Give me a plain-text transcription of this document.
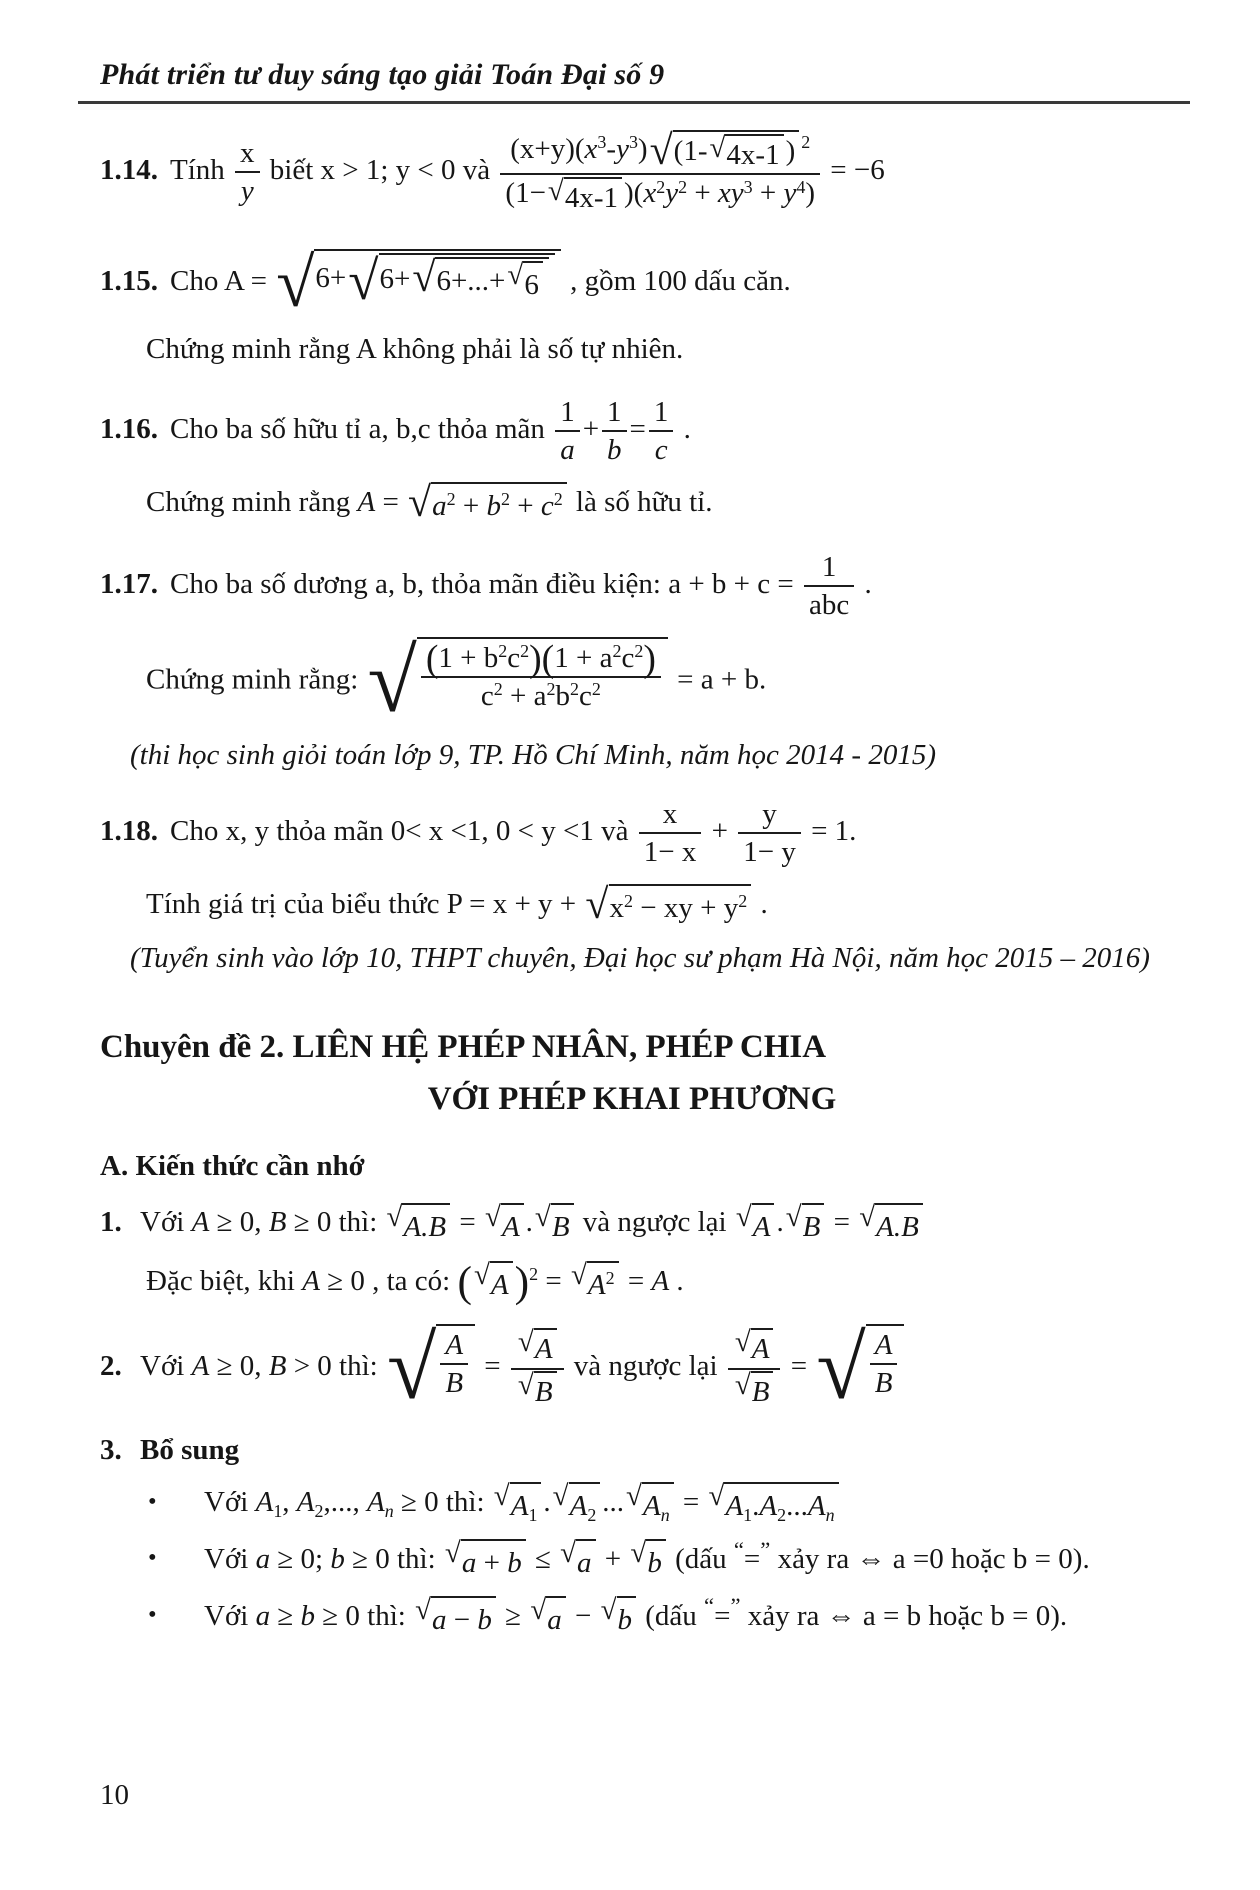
Phát triển tư duy sáng tạo giải Toán Đại số 9

1.14. Tính $\frac{x}{y}$ biết x > 1; y < 0 và $\frac{(x+y)(x^3-y^3) √ (1- √ 4x-1 ) ^2}{(1- √ 4x-1 )(x^2y^2 + xy^3 + y^4)} = -6$

1.15. Cho A = √ 6+ √ 6+ √ 6+...+ √ 6 , gồm 100 dấu căn.

Chứng minh rằng A không phải là số tự nhiên.

1.16. Cho ba số hữu tỉ a, b,c thỏa mãn $\frac{1}{a} + \frac{1}{b} = \frac{1}{c}$ .

Chứng minh rằng A = √ $a^2 + b^2 + c^2$ là số hữu tỉ.

1.17. Cho ba số dương a, b, thỏa mãn điều kiện: a + b + c =
1
abc
.

Chứng minh rằng: √ $\frac{(1 + b^2c^2)(1 + a^2c^2)}{c^2 + a^2b^2c^2} = a + b$.

(thi học sinh giỏi toán lớp 9, TP. Hồ Chí Minh, năm học 2014 - 2015)

1.18. Cho x, y thỏa mãn 0< x <1, 0 < y <1 và $\frac{x}{1- x} + \frac{y}{1- y} = 1$.

Tính giá trị của biểu thức P = x + y + √ $x^2$ − xy + $y^2$ .

(Tuyển sinh vào lớp 10, THPT chuyên, Đại học sư phạm Hà Nội, năm học 2015 – 2016)

Chuyên đề 2. LIÊN HỆ PHÉP NHÂN, PHÉP CHIA
VỚI PHÉP KHAI PHƯƠNG

A. Kiến thức cần nhớ

1. Với A ≥ 0, B ≥ 0 thì: √ A.B = √ A . √ B và ngược lại √ A . √ B = √ A.B

Đặc biệt, khi A ≥ 0 , ta có: ( √ A )$^2$ = √ $A^2 = A$ .

2. Với A ≥ 0, B > 0 thì: √ $\frac{A}{B} = \frac{√ A}{√ B}$ và ngược lại $\frac{√ A}{√ B}$ = √ $\frac{A}{B}$

3. Bổ sung

• Với $A_1$, $A_2$,..., $A_n \ge 0$ thì: √ $A_1$ . √ $A_2$ ... √ $A_n$ = √ $A_1.A_2...A_n$

• Với a ≥ 0; b ≥ 0 thì: √ a + b ≤ √ a + √ b (dấu “=” xảy ra ⇔ a =0 hoặc b = 0).

• Với a ≥ b ≥ 0 thì: √ a − b ≥ √ a − √ b (dấu “=” xảy ra ⇔ a = b hoặc b = 0).

10
